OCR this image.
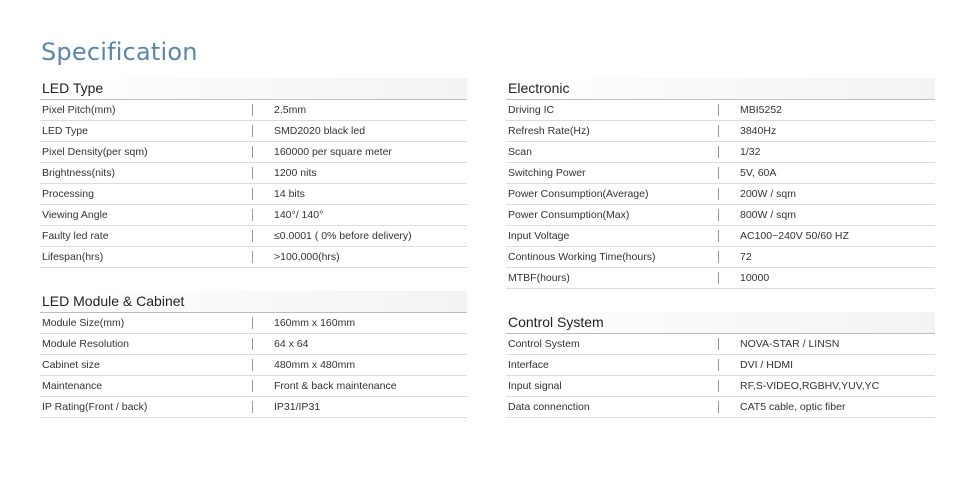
Specification
LED Type
Pixel Pitch(mm)	2.5mm
LED Type	SMD2020 black led
Pixel Density(per sqm)	160000 per square meter
Brightness(nits)	1200 nits
Processing	14 bits
Viewing Angle	140°/ 140°
Faulty led rate	≤0.0001 ( 0% before delivery)
Lifespan(hrs)	>100,000(hrs)
LED Module & Cabinet
Module Size(mm)	160mm x 160mm
Module Resolution	64 x 64
Cabinet size	480mm x 480mm
Maintenance	Front & back maintenance
IP Rating(Front / back)	IP31/IP31
Electronic
Driving IC	MBI5252
Refresh Rate(Hz)	3840Hz
Scan	1/32
Switching Power	5V, 60A
Power Consumption(Average)	200W / sqm
Power Consumption(Max)	800W / sqm
Input Voltage	AC100~240V 50/60 HZ
Continous Working Time(hours)	72
MTBF(hours)	10000
Control System
Control System	NOVA-STAR / LINSN
Interface	DVI / HDMI
Input signal	RF,S-VIDEO,RGBHV,YUV,YC
Data connenction	CAT5 cable, optic fiber
